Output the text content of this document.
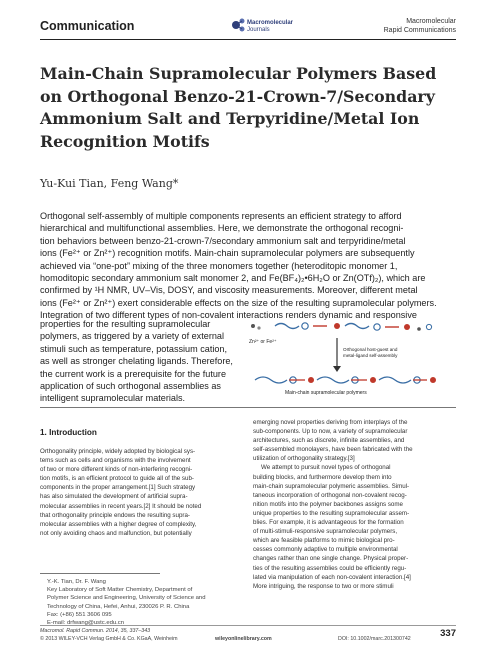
Communication	Macromolecular
Journals
Macromolecular
Rapid Communications
Main-Chain Supramolecular Polymers Based
on Orthogonal Benzo-21-Crown-7/Secondary
Ammonium Salt and Terpyridine/Metal Ion
Recognition Motifs
Yu-Kui Tian, Feng Wang*
Orthogonal self-assembly of multiple components represents an efficient strategy to afford
hierarchical and multifunctional assemblies. Here, we demonstrate the orthogonal recogni-
tion behaviors between benzo-21-crown-7/secondary ammonium salt and terpyridine/metal
ions (Fe²⁺ or Zn²⁺) recognition motifs. Main-chain supramolecular polymers are subsequently
achieved via “one-pot” mixing of the three monomers together (heteroditopic monomer 1,
homoditopic secondary ammonium salt monomer 2, and Fe(BF₄)₂•6H₂O or Zn(OTf)₂), which are
confirmed by ¹H NMR, UV–Vis, DOSY, and viscosity measurements. Moreover, different metal
ions (Fe²⁺ or Zn²⁺) exert considerable effects on the size of the resulting supramolecular polymers.
Integration of two different types of non-covalent interactions renders dynamic and responsive
properties for the resulting supramolecular
polymers, as triggered by a variety of external
stimuli such as temperature, potassium cation,
as well as stronger chelating ligands. Therefore,
the current work is a prerequisite for the future
application of such orthogonal assemblies as
intelligent supramolecular materials.
Zn²⁺ or Fe²⁺
Orthogonal host-guest and
metal-ligand self-assembly
Main-chain supramolecular polymers
1. Introduction
Orthogonality principle, widely adopted by biological sys-
tems such as cells and organisms with the involvement
of two or more different kinds of non-interfering recogni-
tion motifs, is an efficient protocol to guide all of the sub-
components in the proper arrangement.[1] Such strategy
has also simulated the development of artificial supra-
molecular assemblies in recent years.[2] It should be noted
that orthogonality principle endows the resulting supra-
molecular assemblies with a higher degree of complexity,
not only avoiding chaos and malfunction, but potentially
emerging novel properties deriving from interplays of the
sub-components. Up to now, a variety of supramolecular
architectures, such as discrete, infinite assemblies, and
self-assembled monolayers, have been fabricated with the
utilization of orthogonality strategy.[3]
We attempt to pursuit novel types of orthogonal
building blocks, and furthermore develop them into
main-chain supramolecular polymeric assemblies. Simul-
taneous incorporation of orthogonal non-covalent recog-
nition motifs into the polymer backbones assigns some
unique properties to the resulting supramolecular assem-
blies. For example, it is advantageous for the formation
of multi-stimuli-responsive supramolecular polymers,
which are feasible platforms to mimic biological pro-
cesses commonly adaptive to multiple environmental
changes rather than one single change. Physical proper-
ties of the resulting assemblies could be efficiently regu-
lated via manipulation of each non-covalent interaction.[4]
More intriguing, the response to two or more stimuli
Y.-K. Tian, Dr. F. Wang
Key Laboratory of Soft Matter Chemistry, Department of
Polymer Science and Engineering, University of Science and
Technology of China, Hefei, Anhui, 230026 P. R. China
Fax: (+86) 551 3606 095
E-mail: drfwang@ustc.edu.cn
Macromol. Rapid Commun. 2014, 35, 337–343
© 2013 WILEY-VCH Verlag GmbH & Co. KGaA, Weinheim	wileyonlinelibrary.com	DOI: 10.1002/marc.201300742	337
